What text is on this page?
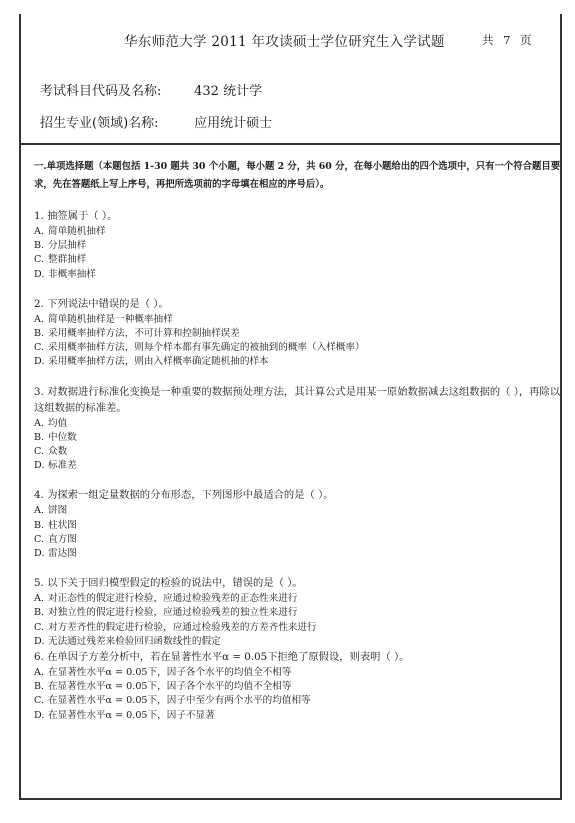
华东师范大学 2011 年攻读硕士学位研究生入学试题	共 7 页
考试科目代码及名称:	432 统计学
招生专业(领域)名称:	应用统计硕士

一.单项选择题（本题包括 1-30 题共 30 个小题，每小题 2 分，共 60 分，在每小题给出的四个选项中，只有一个符合题目要求，先在答题纸上写上序号，再把所选项前的字母填在相应的序号后）。

1. 抽签属于（ ）。
A. 简单随机抽样
B. 分层抽样
C. 整群抽样
D. 非概率抽样
2. 下列说法中错误的是（ ）。
A. 简单随机抽样是一种概率抽样
B. 采用概率抽样方法，不可计算和控制抽样误差
C. 采用概率抽样方法，则每个样本都有事先确定的被抽到的概率（入样概率）
D. 采用概率抽样方法，则由入样概率确定随机抽的样本
3. 对数据进行标准化变换是一种重要的数据预处理方法，其计算公式是用某一原始数据减去这组数据的（ ），再除以这组数据的标准差。
A. 均值
B. 中位数
C. 众数
D. 标准差
4. 为探索一组定量数据的分布形态，下列图形中最适合的是（ ）。
A. 饼图
B. 柱状图
C. 直方图
D. 雷达图
5. 以下关于回归模型假定的检验的说法中，错误的是（ ）。
A. 对正态性的假定进行检验，应通过检验残差的正态性来进行
B. 对独立性的假定进行检验，应通过检验残差的独立性来进行
C. 对方差齐性的假定进行检验，应通过检验残差的方差齐性来进行
D. 无法通过残差来检验回归函数线性的假定
6. 在单因子方差分析中，若在显著性水平α = 0.05下拒绝了原假设，则表明（ ）。
A. 在显著性水平α = 0.05下，因子各个水平的均值全不相等
B. 在显著性水平α = 0.05下，因子各个水平的均值不全相等
C. 在显著性水平α = 0.05下，因子中至少有两个水平的均值相等
D. 在显著性水平α = 0.05下，因子不显著
